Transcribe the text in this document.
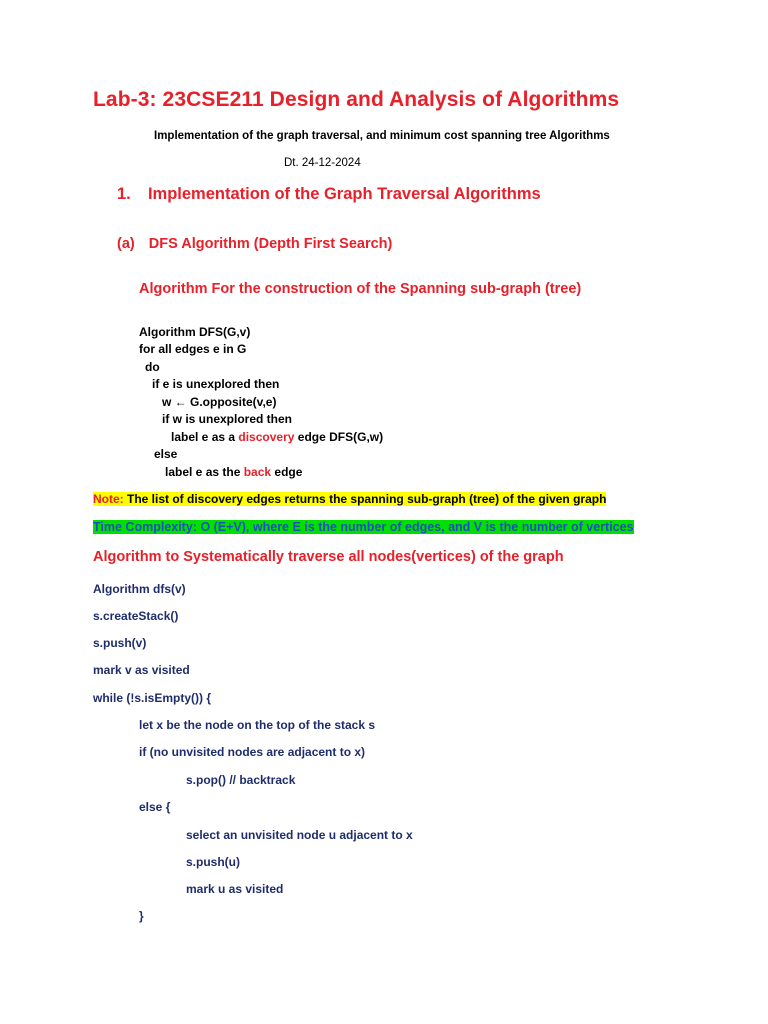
Lab-3: 23CSE211 Design and Analysis of Algorithms
Implementation of the graph traversal, and minimum cost spanning tree Algorithms
Dt. 24-12-2024
1. Implementation of the Graph Traversal Algorithms
(a) DFS Algorithm (Depth First Search)
Algorithm For the construction of the Spanning sub-graph (tree)
Algorithm DFS(G,v)
for all edges e in G
do
if e is unexplored then
w ← G.opposite(v,e)
if w is unexplored then
label e as a discovery edge DFS(G,w)
else
label e as the back edge
Note: The list of discovery edges returns the spanning sub-graph (tree) of the given graph
Time Complexity: O (E+V), where E is the number of edges, and V is the number of vertices
Algorithm to Systematically traverse all nodes(vertices) of the graph
Algorithm dfs(v)
s.createStack()
s.push(v)
mark v as visited
while (!s.isEmpty()) {
let x be the node on the top of the stack s
if (no unvisited nodes are adjacent to x)
s.pop() // backtrack
else {
select an unvisited node u adjacent to x
s.push(u)
mark u as visited
}
